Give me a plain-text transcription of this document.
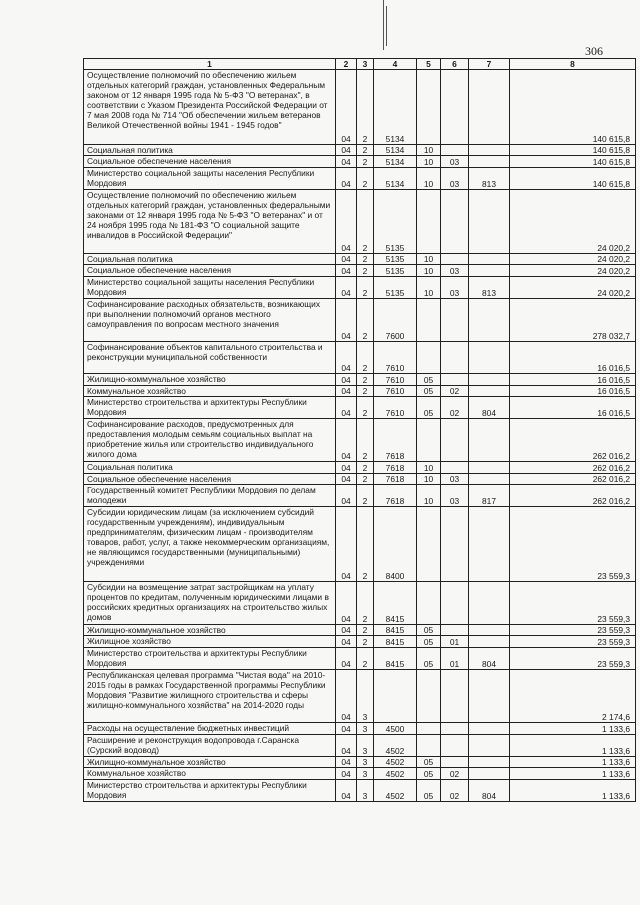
306
1	2	3	4	5	6	7	8
Осуществление полномочий по обеспечению жильем отдельных категорий граждан, установленных Федеральным законом от 12 января 1995 года № 5-ФЗ "О ветеранах", в соответствии с Указом Президента Российской Федерации от 7 мая 2008 года № 714 "Об обеспечении жильем ветеранов Великой Отечественной войны 1941 - 1945 годов"	04	2	5134				140 615,8
Социальная политика	04	2	5134	10			140 615,8
Социальное обеспечение населения	04	2	5134	10	03		140 615,8
Министерство социальной защиты населения Республики Мордовия	04	2	5134	10	03	813	140 615,8
Осуществление полномочий по обеспечению жильем отдельных категорий граждан, установленных федеральными законами от 12 января 1995 года № 5-ФЗ "О ветеранах" и от 24 ноября 1995 года № 181-ФЗ "О социальной защите инвалидов в Российской Федерации"	04	2	5135				24 020,2
Социальная политика	04	2	5135	10			24 020,2
Социальное обеспечение населения	04	2	5135	10	03		24 020,2
Министерство социальной защиты населения Республики Мордовия	04	2	5135	10	03	813	24 020,2
Софинансирование расходных обязательств, возникающих при выполнении полномочий органов местного самоуправления по вопросам местного значения	04	2	7600				278 032,7
Софинансирование объектов капитального строительства и реконструкции муниципальной собственности	04	2	7610				16 016,5
Жилищно-коммунальное хозяйство	04	2	7610	05			16 016,5
Коммунальное хозяйство	04	2	7610	05	02		16 016,5
Министерство строительства и архитектуры Республики Мордовия	04	2	7610	05	02	804	16 016,5
Софинансирование расходов, предусмотренных для предоставления молодым семьям социальных выплат на приобретение жилья или строительство индивидуального жилого дома	04	2	7618				262 016,2
Социальная политика	04	2	7618	10			262 016,2
Социальное обеспечение населения	04	2	7618	10	03		262 016,2
Государственный комитет Республики Мордовия по делам молодежи	04	2	7618	10	03	817	262 016,2
Субсидии юридическим лицам (за исключением субсидий государственным учреждениям), индивидуальным предпринимателям, физическим лицам - производителям товаров, работ, услуг, а также некоммерческим организациям, не являющимся государственными (муниципальными) учреждениями	04	2	8400				23 559,3
Субсидии на возмещение затрат застройщикам на уплату процентов по кредитам, полученным юридическими лицами в российских кредитных организациях на строительство жилых домов	04	2	8415				23 559,3
Жилищно-коммунальное хозяйство	04	2	8415	05			23 559,3
Жилищное хозяйство	04	2	8415	05	01		23 559,3
Министерство строительства и архитектуры Республики Мордовия	04	2	8415	05	01	804	23 559,3
Республиканская целевая программа "Чистая вода" на 2010-2015 годы в рамках Государственной программы Республики Мордовия "Развитие жилищного строительства и сферы жилищно-коммунального хозяйства" на 2014-2020 годы	04	3					2 174,6
Расходы на осуществление бюджетных инвестиций	04	3	4500				1 133,6
Расширение и реконструкция водопровода г.Саранска (Сурский водовод)	04	3	4502				1 133,6
Жилищно-коммунальное хозяйство	04	3	4502	05			1 133,6
Коммунальное хозяйство	04	3	4502	05	02		1 133,6
Министерство строительства и архитектуры Республики Мордовия	04	3	4502	05	02	804	1 133,6
